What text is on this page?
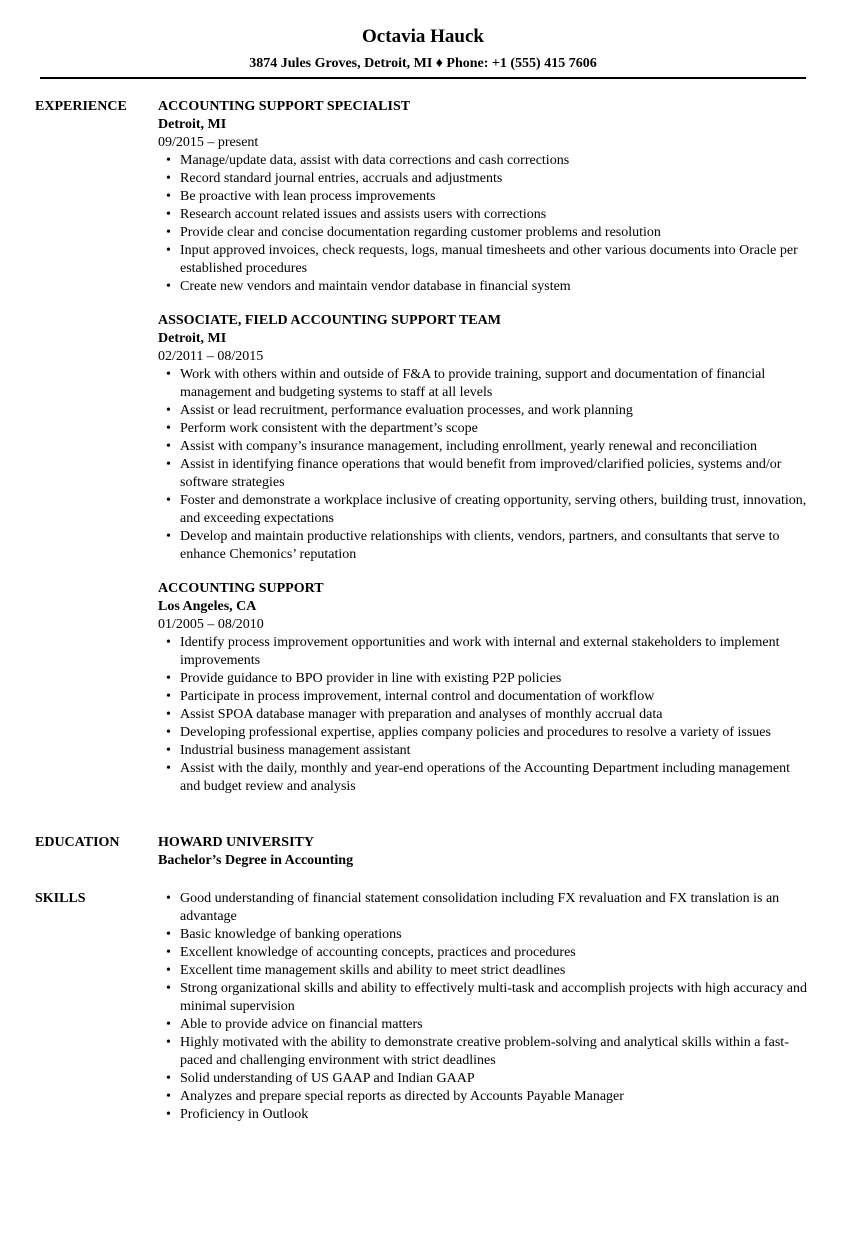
Octavia Hauck
3874 Jules Groves, Detroit, MI ♦ Phone: +1 (555) 415 7606
EXPERIENCE ACCOUNTING SUPPORT SPECIALIST
Detroit, MI
09/2015 – present
• Manage/update data, assist with data corrections and cash corrections
• Record standard journal entries, accruals and adjustments
• Be proactive with lean process improvements
• Research account related issues and assists users with corrections
• Provide clear and concise documentation regarding customer problems and resolution
• Input approved invoices, check requests, logs, manual timesheets and other various documents into Oracle per established procedures
• Create new vendors and maintain vendor database in financial system
ASSOCIATE, FIELD ACCOUNTING SUPPORT TEAM
Detroit, MI
02/2011 – 08/2015
• Work with others within and outside of F&A to provide training, support and documentation of financial management and budgeting systems to staff at all levels
• Assist or lead recruitment, performance evaluation processes, and work planning
• Perform work consistent with the department’s scope
• Assist with company’s insurance management, including enrollment, yearly renewal and reconciliation
• Assist in identifying finance operations that would benefit from improved/clarified policies, systems and/or software strategies
• Foster and demonstrate a workplace inclusive of creating opportunity, serving others, building trust, innovation, and exceeding expectations
• Develop and maintain productive relationships with clients, vendors, partners, and consultants that serve to enhance Chemonics’ reputation
ACCOUNTING SUPPORT
Los Angeles, CA
01/2005 – 08/2010
• Identify process improvement opportunities and work with internal and external stakeholders to implement improvements
• Provide guidance to BPO provider in line with existing P2P policies
• Participate in process improvement, internal control and documentation of workflow
• Assist SPOA database manager with preparation and analyses of monthly accrual data
• Developing professional expertise, applies company policies and procedures to resolve a variety of issues
• Industrial business management assistant
• Assist with the daily, monthly and year-end operations of the Accounting Department including management and budget review and analysis
EDUCATION	HOWARD UNIVERSITY
Bachelor’s Degree in Accounting
SKILLS
•	Good understanding of financial statement consolidation including FX revaluation and FX translation is an advantage
• Basic knowledge of banking operations
• Excellent knowledge of accounting concepts, practices and procedures
• Excellent time management skills and ability to meet strict deadlines
• Strong organizational skills and ability to effectively multi-task and accomplish projects with high accuracy and minimal supervision
• Able to provide advice on financial matters
• Highly motivated with the ability to demonstrate creative problem-solving and analytical skills within a fast-paced and challenging environment with strict deadlines
• Solid understanding of US GAAP and Indian GAAP
• Analyzes and prepare special reports as directed by Accounts Payable Manager
• Proficiency in Outlook
